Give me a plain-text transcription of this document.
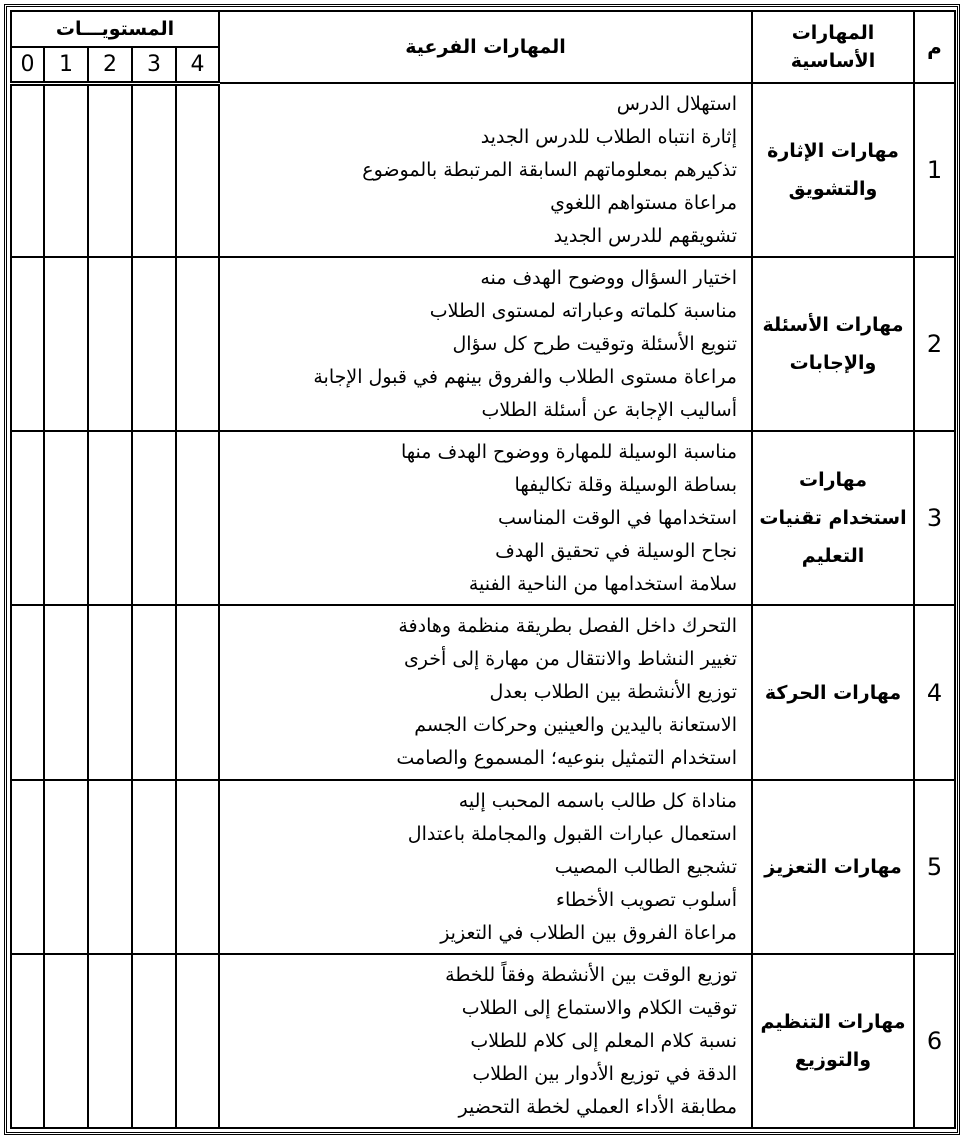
م	المهارات الأساسية	المهارات الفرعية	المستويـــات				
			4	3	2	1	0
1	مهارات الإثارة والتشويق	استهلال الدرس
إثارة انتباه الطلاب للدرس الجديد
تذكيرهم بمعلوماتهم السابقة المرتبطة بالموضوع
مراعاة مستواهم اللغوي
تشويقهم للدرس الجديد					

2	مهارات الأسئلة والإجابات	اختيار السؤال ووضوح الهدف منه
مناسبة كلماته وعباراته لمستوى الطلاب
تنويع الأسئلة وتوقيت طرح كل سؤال
مراعاة مستوى الطلاب والفروق بينهم في قبول الإجابة
أساليب الإجابة عن أسئلة الطلاب					

3	مهارات استخدام تقنيات التعليم	مناسبة الوسيلة للمهارة ووضوح الهدف منها
بساطة الوسيلة وقلة تكاليفها
استخدامها في الوقت المناسب
نجاح الوسيلة في تحقيق الهدف
سلامة استخدامها من الناحية الفنية					

4	مهارات الحركة	التحرك داخل الفصل بطريقة منظمة وهادفة
تغيير النشاط والانتقال من مهارة إلى أخرى
توزيع الأنشطة بين الطلاب بعدل
الاستعانة باليدين والعينين وحركات الجسم
استخدام التمثيل بنوعيه؛ المسموع والصامت					

5	مهارات التعزيز	مناداة كل طالب باسمه المحبب إليه
استعمال عبارات القبول والمجاملة باعتدال
تشجيع الطالب المصيب
أسلوب تصويب الأخطاء
مراعاة الفروق بين الطلاب في التعزيز					

6	مهارات التنظيم والتوزيع	توزيع الوقت بين الأنشطة وفقاً للخطة
توقيت الكلام والاستماع إلى الطلاب
نسبة كلام المعلم إلى كلام للطلاب
الدقة في توزيع الأدوار بين الطلاب
مطابقة الأداء العملي لخطة التحضير					
